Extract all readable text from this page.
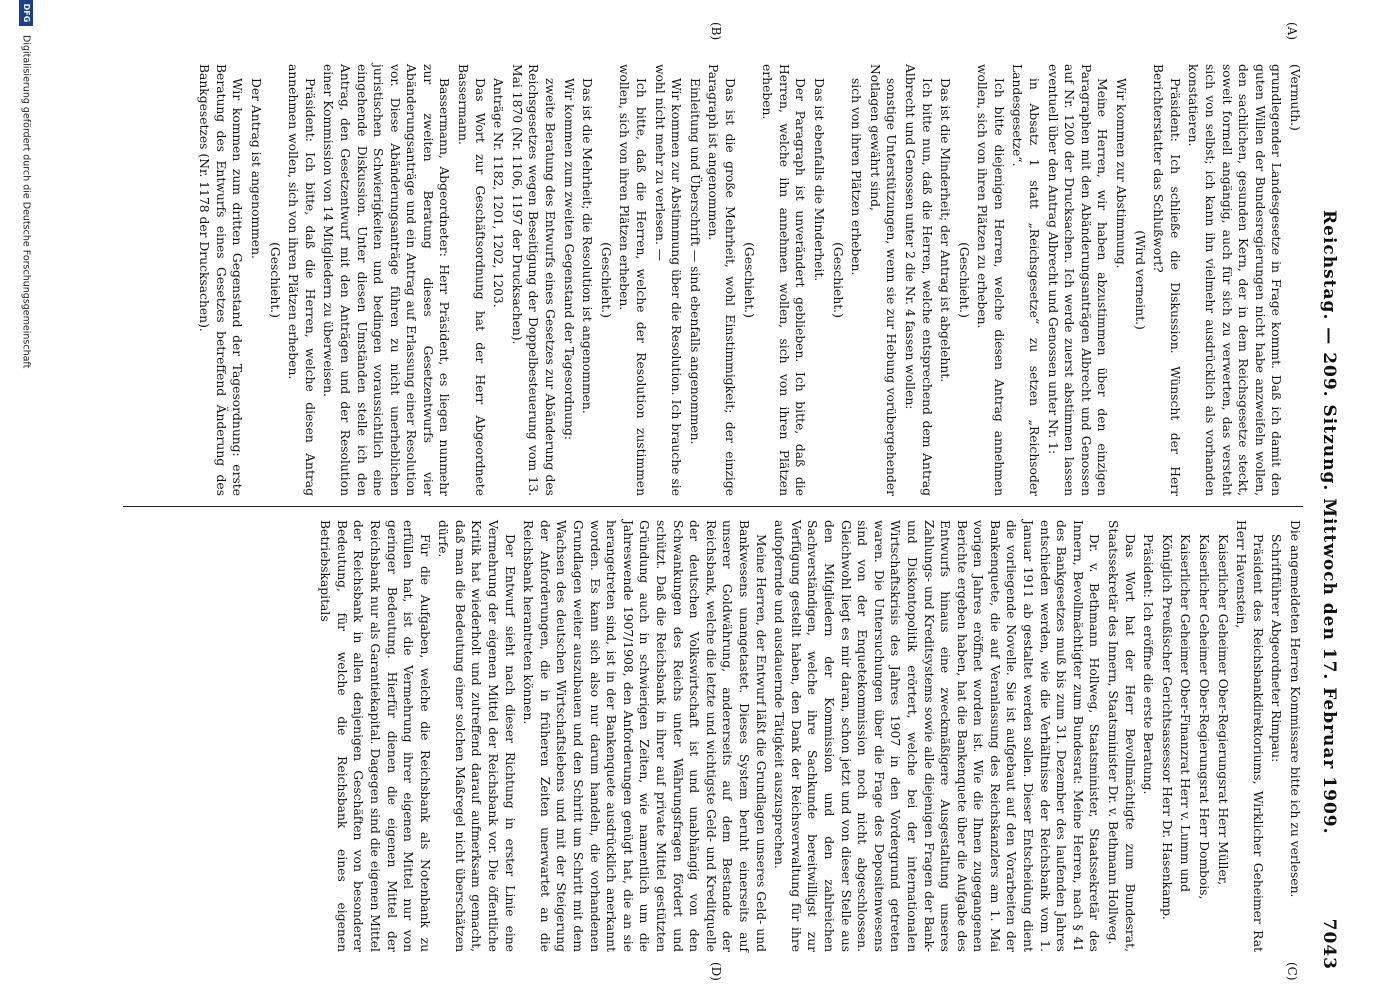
Reichstag. — 209. Sitzung. Mittwoch den 17. Februar 1909.
7043
(A)
(B)
(C)
(D)

(Vermuth.)

grundlegender Landesgesetze in Frage kommt. Daß ich damit den guten Willen der Bundesregierungen nicht habe anzweifeln wollen, den sachlichen, gesunden Kern, der in dem Reichsgesetze steckt, soweit formell angängig, auch für sich zu verwerten, das versteht sich von selbst; ich kann ihn vielmehr ausdrücklich als vorhanden konstatieren.

Präsident: Ich schließe die Diskussion. Wünscht der Herr Berichterstatter das Schlußwort?

(Wird verneint.)

Wir kommen zur Abstimmung.

Meine Herren, wir haben abzustimmen über den einzigen Paragraphen mit den Abänderungsanträgen Albrecht und Genossen auf Nr. 1200 der Drucksachen. Ich werde zuerst abstimmen lassen eventuell über den Antrag Albrecht und Genossen unter Nr. 1:

in Absatz 1 statt „Reichsgesetze“ zu setzen „Reichsoder Landesgesetze“.

Ich bitte diejenigen Herren, welche diesen Antrag annehmen wollen, sich von ihren Plätzen zu erheben.

(Geschieht.)

Das ist die Minderheit; der Antrag ist abgelehnt.

Ich bitte nun, daß die Herren, welche entsprechend dem Antrag Albrecht und Genossen unter 2 die Nr. 4 fassen wollen:

sonstige Unterstützungen, wenn sie zur Hebung vorübergehender Notlagen gewährt sind,

sich von ihren Plätzen erheben.

(Geschieht.)

Das ist ebenfalls die Minderheit.

Der Paragraph ist unverändert geblieben. Ich bitte, daß die Herren, welche ihn annehmen wollen, sich von ihren Plätzen erheben.

(Geschieht.)

Das ist die große Mehrheit, wohl Einstimmigkeit; der einzige Paragraph ist angenommen.

Einleitung und Überschrift — sind ebenfalls angenommen.

Wir kommen zur Abstimmung über die Resolution. Ich brauche sie wohl nicht mehr zu verlesen. —

Ich bitte, daß die Herren, welche der Resolution zustimmen wollen, sich von ihren Plätzen erheben.

(Geschieht.)

Das ist die Mehrheit; die Resolution ist angenommen.

Wir kommen zum zweiten Gegenstand der Tagesordnung:

zweite Beratung des Entwurfs eines Gesetzes zur Abänderung des Reichsgesetzes wegen Beseitigung der Doppelbesteuerung vom 13. Mai 1870 (Nr. 1106, 1197 der Drucksachen).

Anträge Nr. 1182, 1201, 1202, 1203.

Das Wort zur Geschäftsordnung hat der Herr Abgeordnete Bassermann.

Bassermann, Abgeordneter: Herr Präsident, es liegen nunmehr zur zweiten Beratung dieses Gesetzentwurfs vier Abänderungsanträge und ein Antrag auf Erlassung einer Resolution vor. Diese Abänderungsanträge führen zu nicht unerheblichen juristischen Schwierigkeiten und bedingen voraussichtlich eine eingehende Diskussion. Unter diesen Umständen stelle ich den Antrag, den Gesetzentwurf mit den Anträgen und der Resolution einer Kommission von 14 Mitgliedern zu überweisen.

Präsident: Ich bitte, daß die Herren, welche diesen Antrag annehmen wollen, sich von ihren Plätzen erheben.

(Geschieht.)

Der Antrag ist angenommen.

Wir kommen zum dritten Gegenstand der Tagesordnung: erste Beratung des Entwurfs eines Gesetzes betreffend Änderung des Bankgesetzes (Nr. 1178 der Drucksachen).

Die angemeldeten Herren Kommissare bitte ich zu verlesen.

Schriftführer Abgeordneter Rimpau:

Präsident des Reichsbankdirektoriums, Wirklicher Geheimer Rat Herr Havenstein,

Kaiserlicher Geheimer Ober-Regierungsrat Herr Müller,

Kaiserlicher Geheimer Ober-Regierungsrat Herr Dombois,

Kaiserlicher Geheimer Ober-Finanzrat Herr v. Lumm und

Königlich Preußischer Gerichtsassessor Herr Dr. Hasenkamp.

Präsident: Ich eröffne die erste Beratung.

Das Wort hat der Herr Bevollmächtigte zum Bundesrat, Staatssekretär des Innern, Staatsminister Dr. v. Bethmann Hollweg.

Dr. v. Bethmann Hollweg, Staatsminister, Staatssekretär des Innern, Bevollmächtigter zum Bundesrat: Meine Herren, nach § 41 des Bankgesetzes muß bis zum 31. Dezember des laufenden Jahres entschieden werden, wie die Verhältnisse der Reichsbank vom 1. Januar 1911 ab gestaltet werden sollen. Dieser Entscheidung dient die vorliegende Novelle. Sie ist aufgebaut auf den Vorarbeiten der Bankenquete, die auf Veranlassung des Reichskanzlers am 1. Mai vorigen Jahres eröffnet worden ist. Wie die Ihnen zugegangenen Berichte ergeben haben, hat die Bankenquete über die Aufgabe des Entwurfs hinaus eine zweckmäßigere Ausgestaltung unseres Zahlungs- und Kreditsystems sowie alle diejenigen Fragen der Bank- und Diskontopolitik erörtert, welche bei der internationalen Wirtschaftskrisis des Jahres 1907 in den Vordergrund getreten waren. Die Untersuchungen über die Frage des Depositenwesens sind von der Enquetekommission noch nicht abgeschlossen. Gleichwohl liegt es mir daran, schon jetzt und von dieser Stelle aus den Mitgliedern der Kommission und den zahlreichen Sachverständigen, welche ihre Sachkunde bereitwilligst zur Verfügung gestellt haben, den Dank der Reichsverwaltung für ihre aufopfernde und ausdauernde Tätigkeit auszusprechen.

Meine Herren, der Entwurf läßt die Grundlagen unseres Geld- und Bankwesens unangetastet. Dieses System beruht einerseits auf unserer Goldwährung, andererseits auf dem Bestande der Reichsbank, welche die letzte und wichtigste Geld- und Kreditquelle der deutschen Volkswirtschaft ist und unabhängig von den Schwankungen des Reichs unter Währungsfragen fördert und schützt. Daß die Reichsbank in ihrer auf private Mittel gestützten Gründung auch in schwierigen Zeiten, wie namentlich um die Jahreswende 1907/1908, den Anforderungen genügt hat, die an sie herangetreten sind, ist in der Bankenquete ausdrücklich anerkannt worden. Es kann sich also nur darum handeln, die vorhandenen Grundlagen weiter auszubauen und den Schritt um Schritt mit dem Wachsen des deutschen Wirtschaftslebens und mit der Steigerung der Anforderungen, die in früheren Zeiten unerwartet an die Reichsbank herantreten können.

Der Entwurf sieht nach dieser Richtung in erster Linie eine Vermehrung der eigenen Mittel der Reichsbank vor. Die öffentliche Kritik hat wiederholt und zutreffend darauf aufmerksam gemacht, daß man die Bedeutung einer solchen Maßregel nicht überschätzen dürfe.

Für die Aufgaben, welche die Reichsbank als Notenbank zu erfüllen hat, ist die Vermehrung ihrer eigenen Mittel nur von geringer Bedeutung. Hierfür dienen die eigenen Mittel der Reichsbank nur als Garantiekapital. Dagegen sind die eigenen Mittel der Reichsbank in allen denjenigen Geschäften von besonderer Bedeutung, für welche die Reichsbank eines eigenen Betriebskapitals

DFG Digitalisierung gefördert durch die Deutsche Forschungsgemeinschaft
